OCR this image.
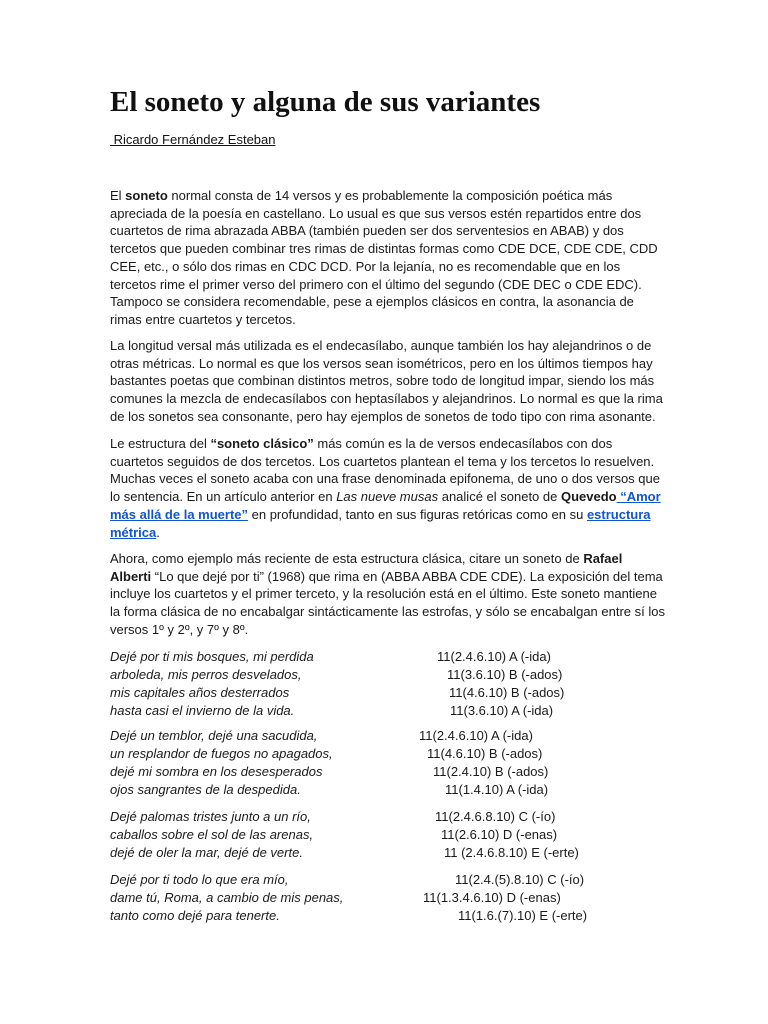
El soneto y alguna de sus variantes
Ricardo Fernández Esteban

El soneto normal consta de 14 versos y es probablemente la composición poética más apreciada de la poesía en castellano. Lo usual es que sus versos estén repartidos entre dos cuartetos de rima abrazada ABBA (también pueden ser dos serventesios en ABAB) y dos tercetos que pueden combinar tres rimas de distintas formas como CDE DCE, CDE CDE, CDD CEE, etc., o sólo dos rimas en CDC DCD. Por la lejanía, no es recomendable que en los tercetos rime el primer verso del primero con el último del segundo (CDE DEC o CDE EDC). Tampoco se considera recomendable, pese a ejemplos clásicos en contra, la asonancia de rimas entre cuartetos y tercetos.

La longitud versal más utilizada es el endecasílabo, aunque también los hay alejandrinos o de otras métricas. Lo normal es que los versos sean isométricos, pero en los últimos tiempos hay bastantes poetas que combinan distintos metros, sobre todo de longitud impar, siendo los más comunes la mezcla de endecasílabos con heptasílabos y alejandrinos. Lo normal es que la rima de los sonetos sea consonante, pero hay ejemplos de sonetos de todo tipo con rima asonante.

Le estructura del “soneto clásico” más común es la de versos endecasílabos con dos cuartetos seguidos de dos tercetos. Los cuartetos plantean el tema y los tercetos lo resuelven. Muchas veces el soneto acaba con una frase denominada epifonema, de uno o dos versos que lo sentencia. En un artículo anterior en Las nueve musas analicé el soneto de Quevedo “Amor más allá de la muerte” en profundidad, tanto en sus figuras retóricas como en su estructura métrica.

Ahora, como ejemplo más reciente de esta estructura clásica, citare un soneto de Rafael Alberti “Lo que dejé por ti” (1968) que rima en (ABBA ABBA CDE CDE). La exposición del tema incluye los cuartetos y el primer terceto, y la resolución está en el último. Este soneto mantiene la forma clásica de no encabalgar sintácticamente las estrofas, y sólo se encabalgan entre sí los versos 1º y 2º, y 7º y 8º.

Dejé por ti mis bosques, mi perdida	11(2.4.6.10) A (-ida)
arboleda, mis perros desvelados,	11(3.6.10) B (-ados)
mis capitales años desterrados	11(4.6.10) B (-ados)
hasta casi el invierno de la vida.	11(3.6.10) A (-ida)
Dejé un temblor, dejé una sacudida,	11(2.4.6.10) A (-ida)
un resplandor de fuegos no apagados,	11(4.6.10) B (-ados)
dejé mi sombra en los desesperados	11(2.4.10) B (-ados)
ojos sangrantes de la despedida.	11(1.4.10) A (-ida)
Dejé palomas tristes junto a un río,	11(2.4.6.8.10) C (-ío)
caballos sobre el sol de las arenas,	11(2.6.10) D (-enas)
dejé de oler la mar, dejé de verte.	11 (2.4.6.8.10) E (-erte)
Dejé por ti todo lo que era mío,	11(2.4.(5).8.10) C (-ío)
dame tú, Roma, a cambio de mis penas,	11(1.3.4.6.10) D (-enas)
tanto como dejé para tenerte.	11(1.6.(7).10) E (-erte)
